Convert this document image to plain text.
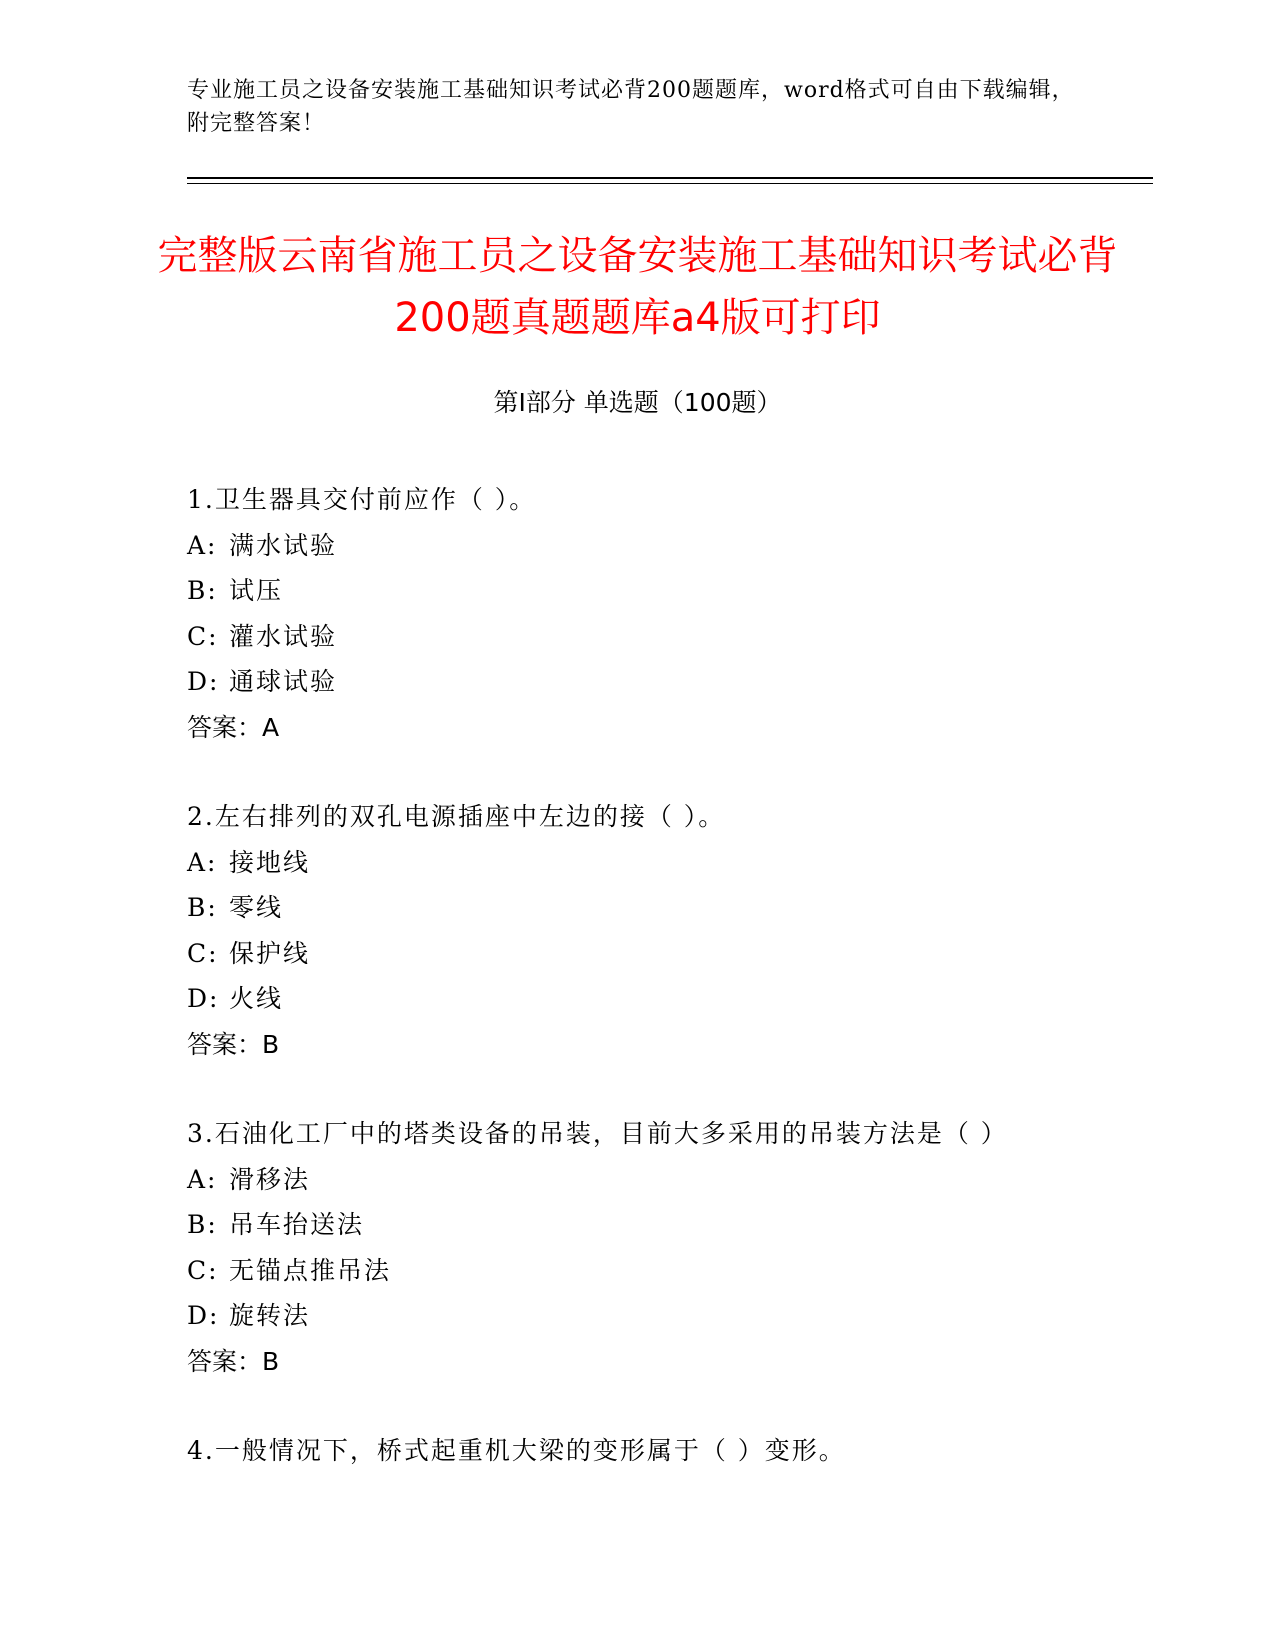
专业施工员之设备安装施工基础知识考试必背200题题库，word格式可自由下载编辑，附完整答案！
完整版云南省施工员之设备安装施工基础知识考试必背200题真题题库a4版可打印
第Ⅰ部分 单选题（100题）
1.卫生器具交付前应作（ ）。
A: 满水试验
B: 试压
C: 灌水试验
D: 通球试验
答案：A
2.左右排列的双孔电源插座中左边的接（ ）。
A: 接地线
B: 零线
C: 保护线
D: 火线
答案：B
3.石油化工厂中的塔类设备的吊装，目前大多采用的吊装方法是（ ）
A: 滑移法
B: 吊车抬送法
C: 无锚点推吊法
D: 旋转法
答案：B
4.一般情况下，桥式起重机大梁的变形属于（ ）变形。
